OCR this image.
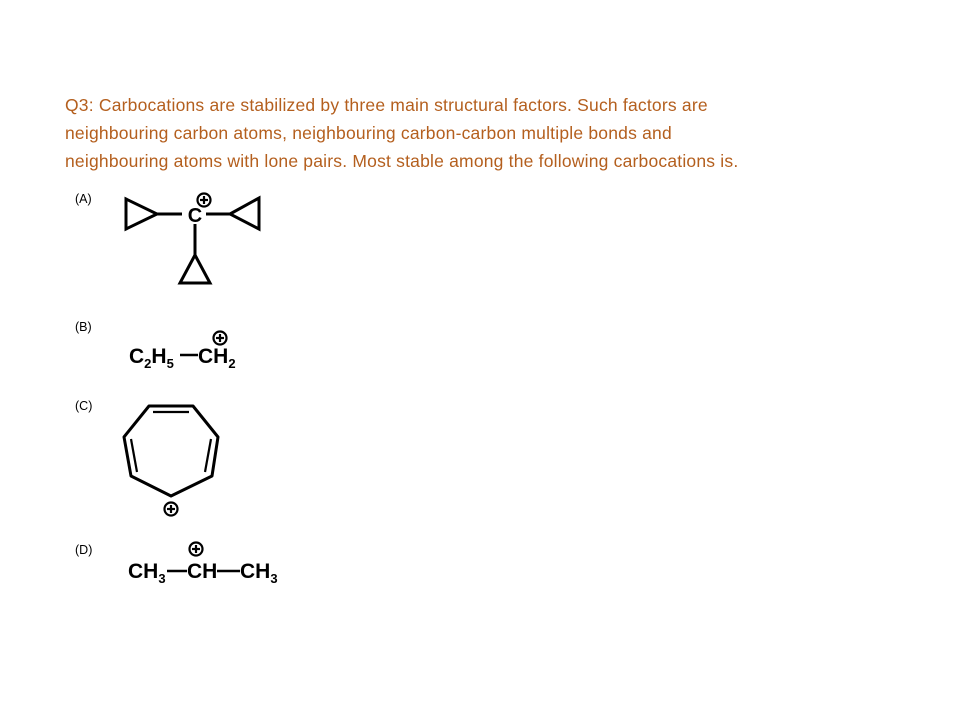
Q3: Carbocations are stabilized by three main structural factors. Such factors are

neighbouring carbon atoms, neighbouring carbon-carbon multiple bonds and

neighbouring atoms with lone pairs. Most stable among the following carbocations is.

(A)
C
(B)
$C_2H_5$ $CH_2$
(C)
(D)
$CH_3$ CH $CH_3$
